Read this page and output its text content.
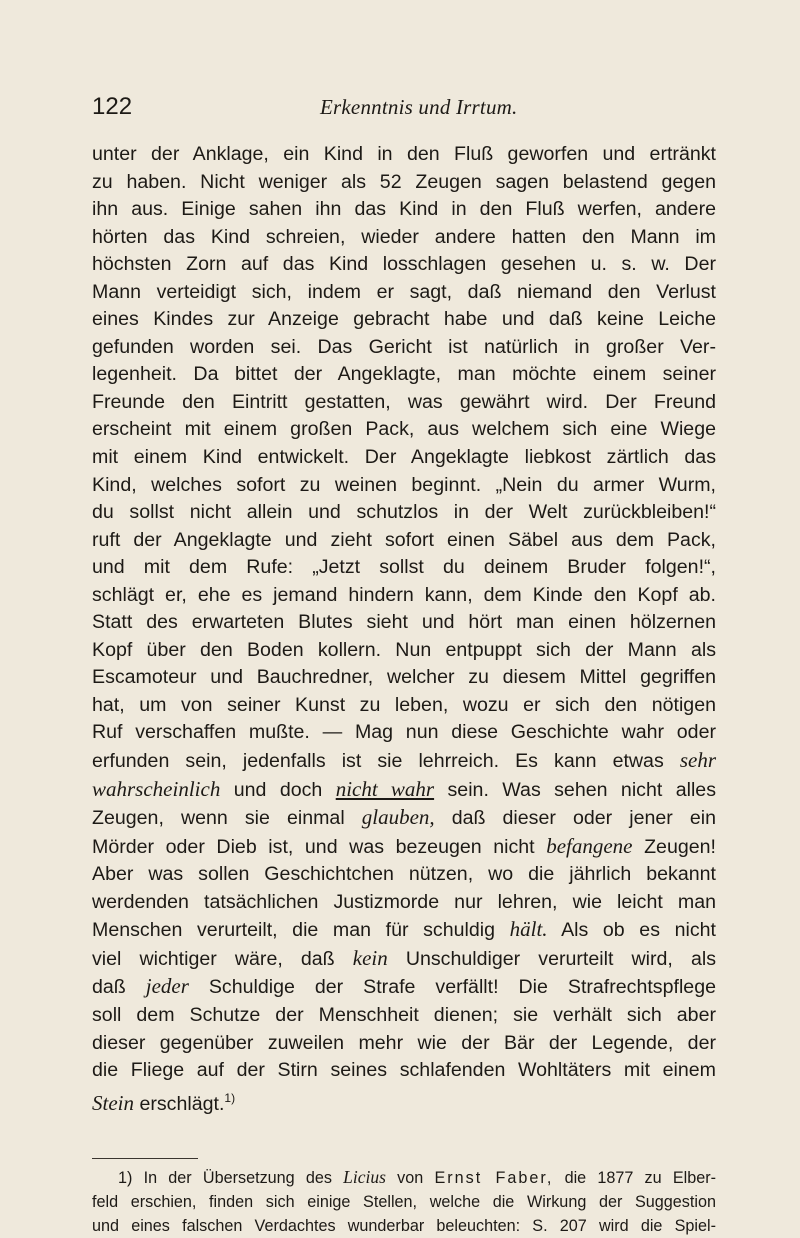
122	Erkenntnis und Irrtum.
unter der Anklage, ein Kind in den Fluß geworfen und ertränkt
zu haben. Nicht weniger als 52 Zeugen sagen belastend gegen
ihn aus. Einige sahen ihn das Kind in den Fluß werfen, andere
hörten das Kind schreien, wieder andere hatten den Mann im
höchsten Zorn auf das Kind losschlagen gesehen u. s. w. Der
Mann verteidigt sich, indem er sagt, daß niemand den Verlust
eines Kindes zur Anzeige gebracht habe und daß keine Leiche
gefunden worden sei. Das Gericht ist natürlich in großer Ver-
legenheit. Da bittet der Angeklagte, man möchte einem seiner
Freunde den Eintritt gestatten, was gewährt wird. Der Freund
erscheint mit einem großen Pack, aus welchem sich eine Wiege
mit einem Kind entwickelt. Der Angeklagte liebkost zärtlich das
Kind, welches sofort zu weinen beginnt. „Nein du armer Wurm,
du sollst nicht allein und schutzlos in der Welt zurückbleiben!“
ruft der Angeklagte und zieht sofort einen Säbel aus dem Pack,
und mit dem Rufe: „Jetzt sollst du deinem Bruder folgen!“,
schlägt er, ehe es jemand hindern kann, dem Kinde den Kopf ab.
Statt des erwarteten Blutes sieht und hört man einen hölzernen
Kopf über den Boden kollern. Nun entpuppt sich der Mann als
Escamoteur und Bauchredner, welcher zu diesem Mittel gegriffen
hat, um von seiner Kunst zu leben, wozu er sich den nötigen
Ruf verschaffen mußte. — Mag nun diese Geschichte wahr oder
erfunden sein, jedenfalls ist sie lehrreich. Es kann etwas sehr
wahrscheinlich und doch nicht wahr sein. Was sehen nicht alles
Zeugen, wenn sie einmal glauben, daß dieser oder jener ein
Mörder oder Dieb ist, und was bezeugen nicht befangene Zeugen!
Aber was sollen Geschichtchen nützen, wo die jährlich bekannt
werdenden tatsächlichen Justizmorde nur lehren, wie leicht man
Menschen verurteilt, die man für schuldig hält. Als ob es nicht
viel wichtiger wäre, daß kein Unschuldiger verurteilt wird, als
daß jeder Schuldige der Strafe verfällt! Die Strafrechtspflege
soll dem Schutze der Menschheit dienen; sie verhält sich aber
dieser gegenüber zuweilen mehr wie der Bär der Legende, der
die Fliege auf der Stirn seines schlafenden Wohltäters mit einem
Stein erschlägt.$^{1)}$
1) In der Übersetzung des Licius von Ernst Faber, die 1877 zu Elber-
feld erschien, finden sich einige Stellen, welche die Wirkung der Suggestion
und eines falschen Verdachtes wunderbar beleuchten: S. 207 wird die Spiel-
